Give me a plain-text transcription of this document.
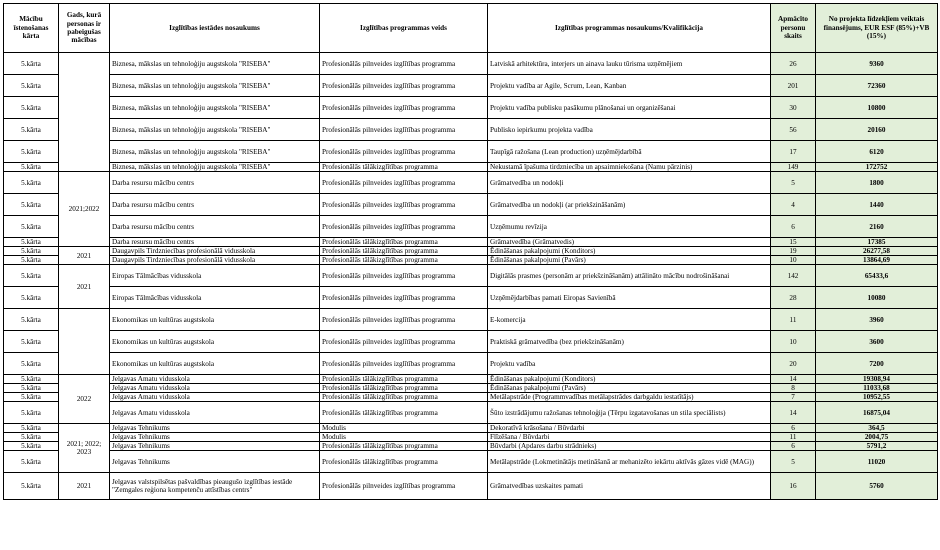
Mācību īstenošanas kārta	Gads, kurā personas ir pabeigušas mācības	Izglītības iestādes nosaukums	Izglītības programmas veids	Izglītības programmas nosaukums/Kvalifikācija	Apmācīto personu skaits	No projekta līdzekļiem veiktais finansējums, EUR ESF (85%)+VB (15%)
5.kārta		Biznesa, mākslas un tehnoloģiju augstskola "RISEBA"	Profesionālās pilnveides izglītības programma	Latviskā arhitektūra, interjers un ainava lauku tūrisma uzņēmējiem	26	9360
5.kārta		Biznesa, mākslas un tehnoloģiju augstskola "RISEBA"	Profesionālās pilnveides izglītības programma	Projektu vadība ar Agile, Scrum, Lean, Kanban	201	72360
5.kārta		Biznesa, mākslas un tehnoloģiju augstskola "RISEBA"	Profesionālās pilnveides izglītības programma	Projektu vadība publisku pasākumu plānošanai un organizēšanai	30	10800
5.kārta		Biznesa, mākslas un tehnoloģiju augstskola "RISEBA"	Profesionālās pilnveides izglītības programma	Publisko iepirkumu projekta vadība	56	20160
5.kārta		Biznesa, mākslas un tehnoloģiju augstskola "RISEBA"	Profesionālās pilnveides izglītības programma	Taupīgā ražošana (Lean production) uzņēmējdarbībā	17	6120
5.kārta		Biznesa, mākslas un tehnoloģiju augstskola "RISEBA"	Profesionālās tālākizglītības programma	Nekustamā īpašuma tirdzniecība un apsaimniekošana (Namu pārzinis)	149	172752
5.kārta	2021;2022	Darba resursu mācību centrs	Profesionālās pilnveides izglītības programma	Grāmatvedība un nodokļi	5	1800
5.kārta		Darba resursu mācību centrs	Profesionālās pilnveides izglītības programma	Grāmatvedība un nodokļi (ar priekšzināšanām)	4	1440
5.kārta		Darba resursu mācību centrs	Profesionālās pilnveides izglītības programma	Uzņēmumu revīzija	6	2160
5.kārta		Darba resursu mācību centrs	Profesionālās tālākizglītības programma	Grāmatvedība (Grāmatvedis)	15	17385
5.kārta	2021	Daugavpils Tirdzniecības profesionālā vidusskola	Profesionālās tālākizglītības programma	Ēdināšanas pakalpojumi (Konditors)	19	26277,58
5.kārta		Daugavpils Tirdzniecības profesionālā vidusskola	Profesionālās tālākizglītības programma	Ēdināšanas pakalpojumi (Pavārs)	10	13864,69
5.kārta	2021	Eiropas Tālmācības vidusskola	Profesionālās pilnveides izglītības programma	Digitālās prasmes (personām ar priekšzināšanām) attālināto mācību nodrošināšanai	142	65433,6
5.kārta		Eiropas Tālmācības vidusskola	Profesionālās pilnveides izglītības programma	Uzņēmējdarbības pamati Eiropas Savienībā	28	10080
5.kārta		Ekonomikas un kultūras augstskola	Profesionālās pilnveides izglītības programma	E-komercija	11	3960
5.kārta		Ekonomikas un kultūras augstskola	Profesionālās pilnveides izglītības programma	Praktiskā grāmatvedība (bez priekšzināšanām)	10	3600
5.kārta		Ekonomikas un kultūras augstskola	Profesionālās pilnveides izglītības programma	Projektu vadība	20	7200
5.kārta	2022	Jelgavas Amatu vidusskola	Profesionālās tālākizglītības programma	Ēdināšanas pakalpojumi (Konditors)	14	19308,94
5.kārta		Jelgavas Amatu vidusskola	Profesionālās tālākizglītības programma	Ēdināšanas pakalpojumi (Pavārs)	8	11033,68
5.kārta		Jelgavas Amatu vidusskola	Profesionālās tālākizglītības programma	Metālapstrāde (Programmvadības metālapstrādes darbgaldu iestatītājs)	7	10952,55
5.kārta		Jelgavas Amatu vidusskola	Profesionālās tālākizglītības programma	Šūto izstrādājumu ražošanas tehnoloģija (Tērpu izgatavošanas un stila speciālists)	14	16875,04
5.kārta	2021; 2022; 2023	Jelgavas Tehnikums	Modulis	Dekoratīvā krāsošana / Būvdarbi	6	364,5
5.kārta		Jelgavas Tehnikums	Modulis	Flīzēšana / Būvdarbi	11	2004,75
5.kārta		Jelgavas Tehnikums	Profesionālās tālākizglītības programma	Būvdarbi (Apdares darbu strādnieks)	6	5791,2
5.kārta		Jelgavas Tehnikums	Profesionālās tālākizglītības programma	Metālapstrāde (Lokmetinātājs metināšanā ar mehanizēto iekārtu aktīvās gāzes vidē (MAG))	5	11020
5.kārta	2021	Jelgavas valstspilsētas pašvaldības pieaugušo izglītības iestāde "Zemgales reģiona kompetenču attīstības centrs"	Profesionālās pilnveides izglītības programma	Grāmatvedības uzskaites pamati	16	5760
